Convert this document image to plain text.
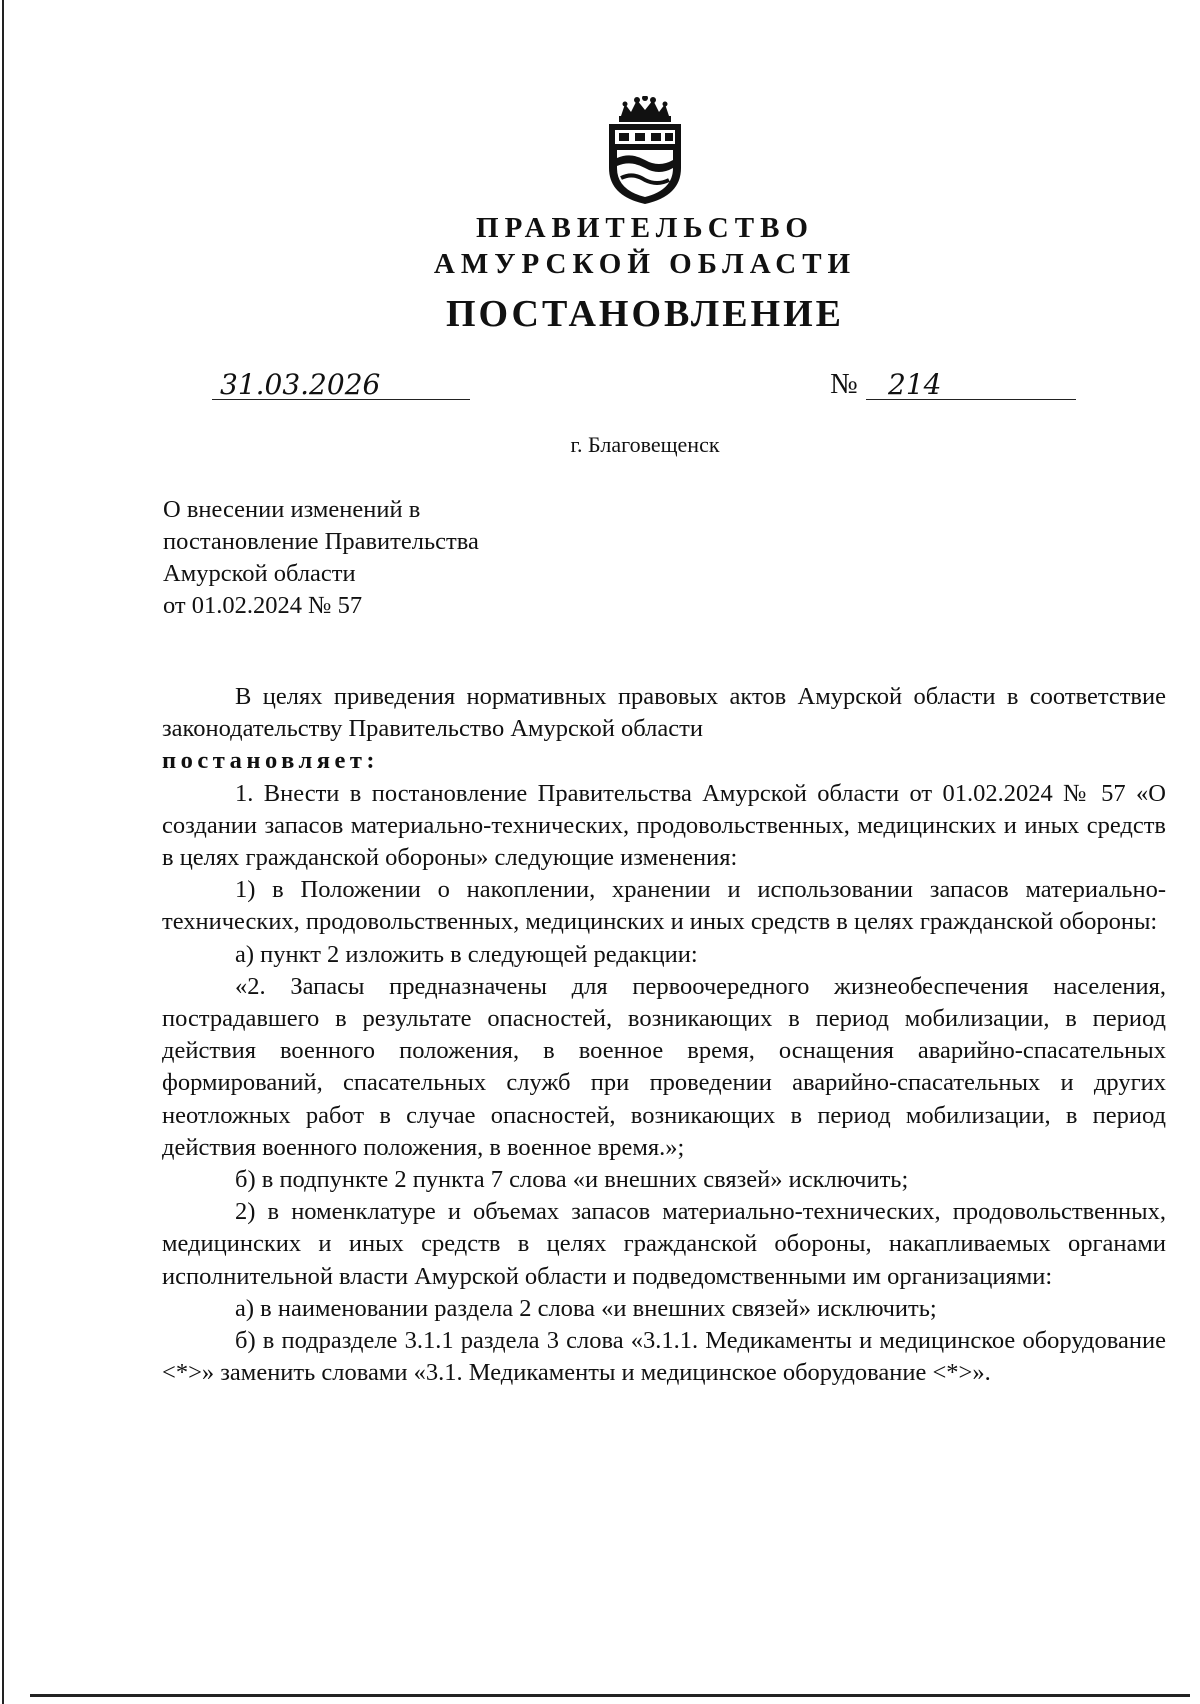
ПРАВИТЕЛЬСТВО
АМУРСКОЙ ОБЛАСТИ
ПОСТАНОВЛЕНИЕ
31.03.2026	№	214
г. Благовещенск
О внесении изменений в
постановление Правительства
Амурской области
от 01.02.2024 № 57

В целях приведения нормативных правовых актов Амурской области в соответствие законодательству Правительство Амурской области

постановляет:

1. Внести в постановление Правительства Амурской области от 01.02.2024 № 57 «О создании запасов материально-технических, продовольственных, медицинских и иных средств в целях гражданской обороны» следующие изменения:

1) в Положении о накоплении, хранении и использовании запасов материально-технических, продовольственных, медицинских и иных средств в целях гражданской обороны:

а) пункт 2 изложить в следующей редакции:

«2. Запасы предназначены для первоочередного жизнеобеспечения населения, пострадавшего в результате опасностей, возникающих в период мобилизации, в период действия военного положения, в военное время, оснащения аварийно-спасательных формирований, спасательных служб при проведении аварийно-спасательных и других неотложных работ в случае опасностей, возникающих в период мобилизации, в период действия военного положения, в военное время.»;

б) в подпункте 2 пункта 7 слова «и внешних связей» исключить;

2) в номенклатуре и объемах запасов материально-технических, продовольственных, медицинских и иных средств в целях гражданской обороны, накапливаемых органами исполнительной власти Амурской области и подведомственными им организациями:

а) в наименовании раздела 2 слова «и внешних связей» исключить;

б) в подразделе 3.1.1 раздела 3 слова «3.1.1. Медикаменты и медицинское оборудование <*>» заменить словами «3.1. Медикаменты и медицинское оборудование <*>».
